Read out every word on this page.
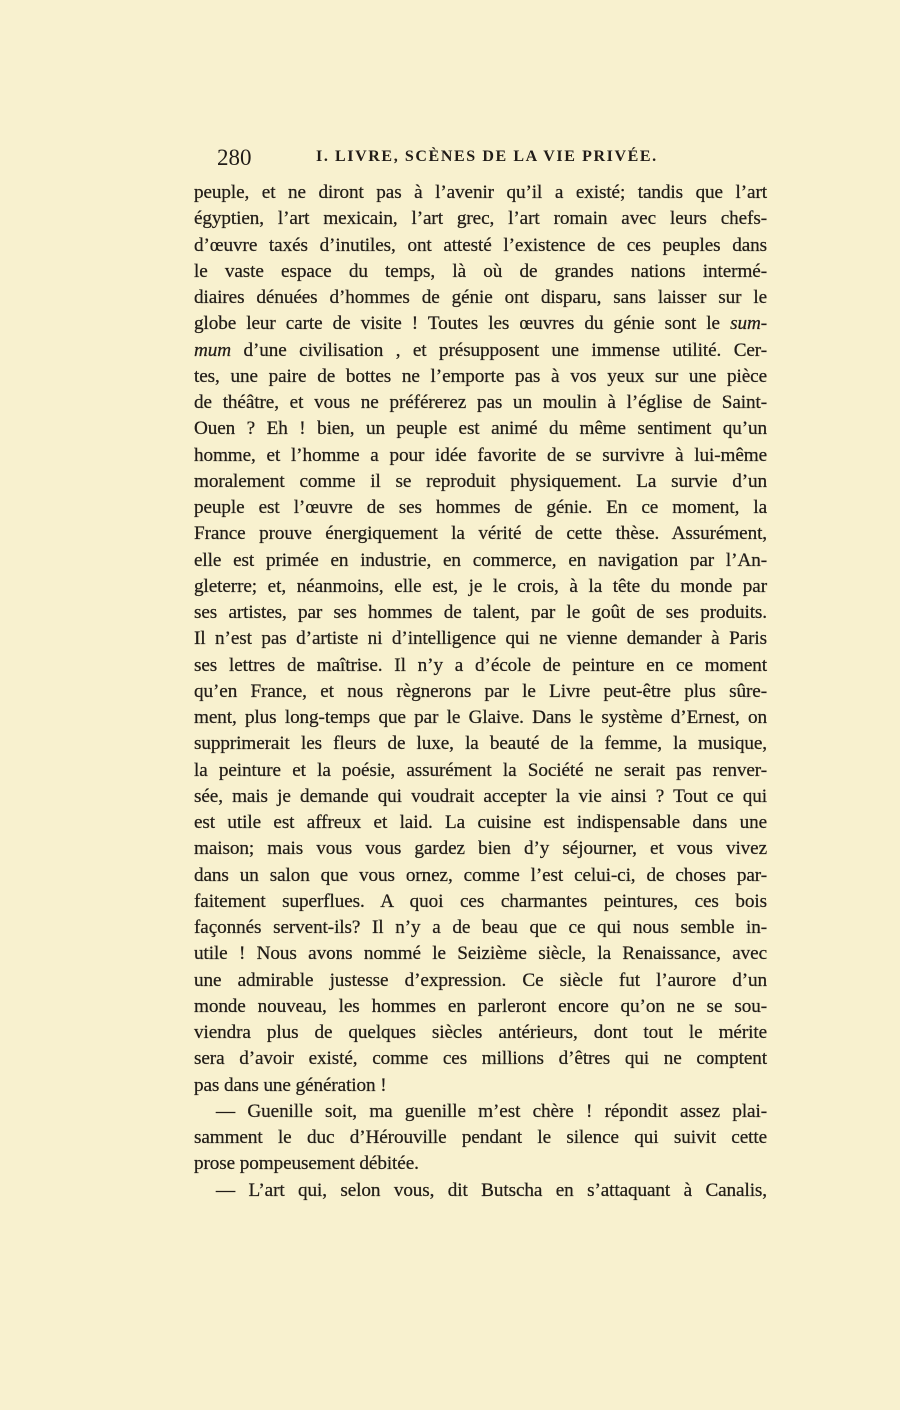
280	I. LIVRE, SCÈNES DE LA VIE PRIVÉE.
peuple, et ne diront pas à l’avenir qu’il a existé; tandis que l’art
égyptien, l’art mexicain, l’art grec, l’art romain avec leurs chefs-
d’œuvre taxés d’inutiles, ont attesté l’existence de ces peuples dans
le vaste espace du temps, là où de grandes nations intermé-
diaires dénuées d’hommes de génie ont disparu, sans laisser sur le
globe leur carte de visite ! Toutes les œuvres du génie sont le sum-
mum d’une civilisation , et présupposent une immense utilité. Cer-
tes, une paire de bottes ne l’emporte pas à vos yeux sur une pièce
de théâtre, et vous ne préférerez pas un moulin à l’église de Saint-
Ouen ? Eh ! bien, un peuple est animé du même sentiment qu’un
homme, et l’homme a pour idée favorite de se survivre à lui-même
moralement comme il se reproduit physiquement. La survie d’un
peuple est l’œuvre de ses hommes de génie. En ce moment, la
France prouve énergiquement la vérité de cette thèse. Assurément,
elle est primée en industrie, en commerce, en navigation par l’An-
gleterre; et, néanmoins, elle est, je le crois, à la tête du monde par
ses artistes, par ses hommes de talent, par le goût de ses produits.
Il n’est pas d’artiste ni d’intelligence qui ne vienne demander à Paris
ses lettres de maîtrise. Il n’y a d’école de peinture en ce moment
qu’en France, et nous règnerons par le Livre peut-être plus sûre-
ment, plus long-temps que par le Glaive. Dans le système d’Ernest, on
supprimerait les fleurs de luxe, la beauté de la femme, la musique,
la peinture et la poésie, assurément la Société ne serait pas renver-
sée, mais je demande qui voudrait accepter la vie ainsi ? Tout ce qui
est utile est affreux et laid. La cuisine est indispensable dans une
maison; mais vous vous gardez bien d’y séjourner, et vous vivez
dans un salon que vous ornez, comme l’est celui-ci, de choses par-
faitement superflues. A quoi ces charmantes peintures, ces bois
façonnés servent-ils? Il n’y a de beau que ce qui nous semble in-
utile ! Nous avons nommé le Seizième siècle, la Renaissance, avec
une admirable justesse d’expression. Ce siècle fut l’aurore d’un
monde nouveau, les hommes en parleront encore qu’on ne se sou-
viendra plus de quelques siècles antérieurs, dont tout le mérite
sera d’avoir existé, comme ces millions d’êtres qui ne comptent
pas dans une génération !
— Guenille soit, ma guenille m’est chère ! répondit assez plai-
samment le duc d’Hérouville pendant le silence qui suivit cette
prose pompeusement débitée.
— L’art qui, selon vous, dit Butscha en s’attaquant à Canalis,
